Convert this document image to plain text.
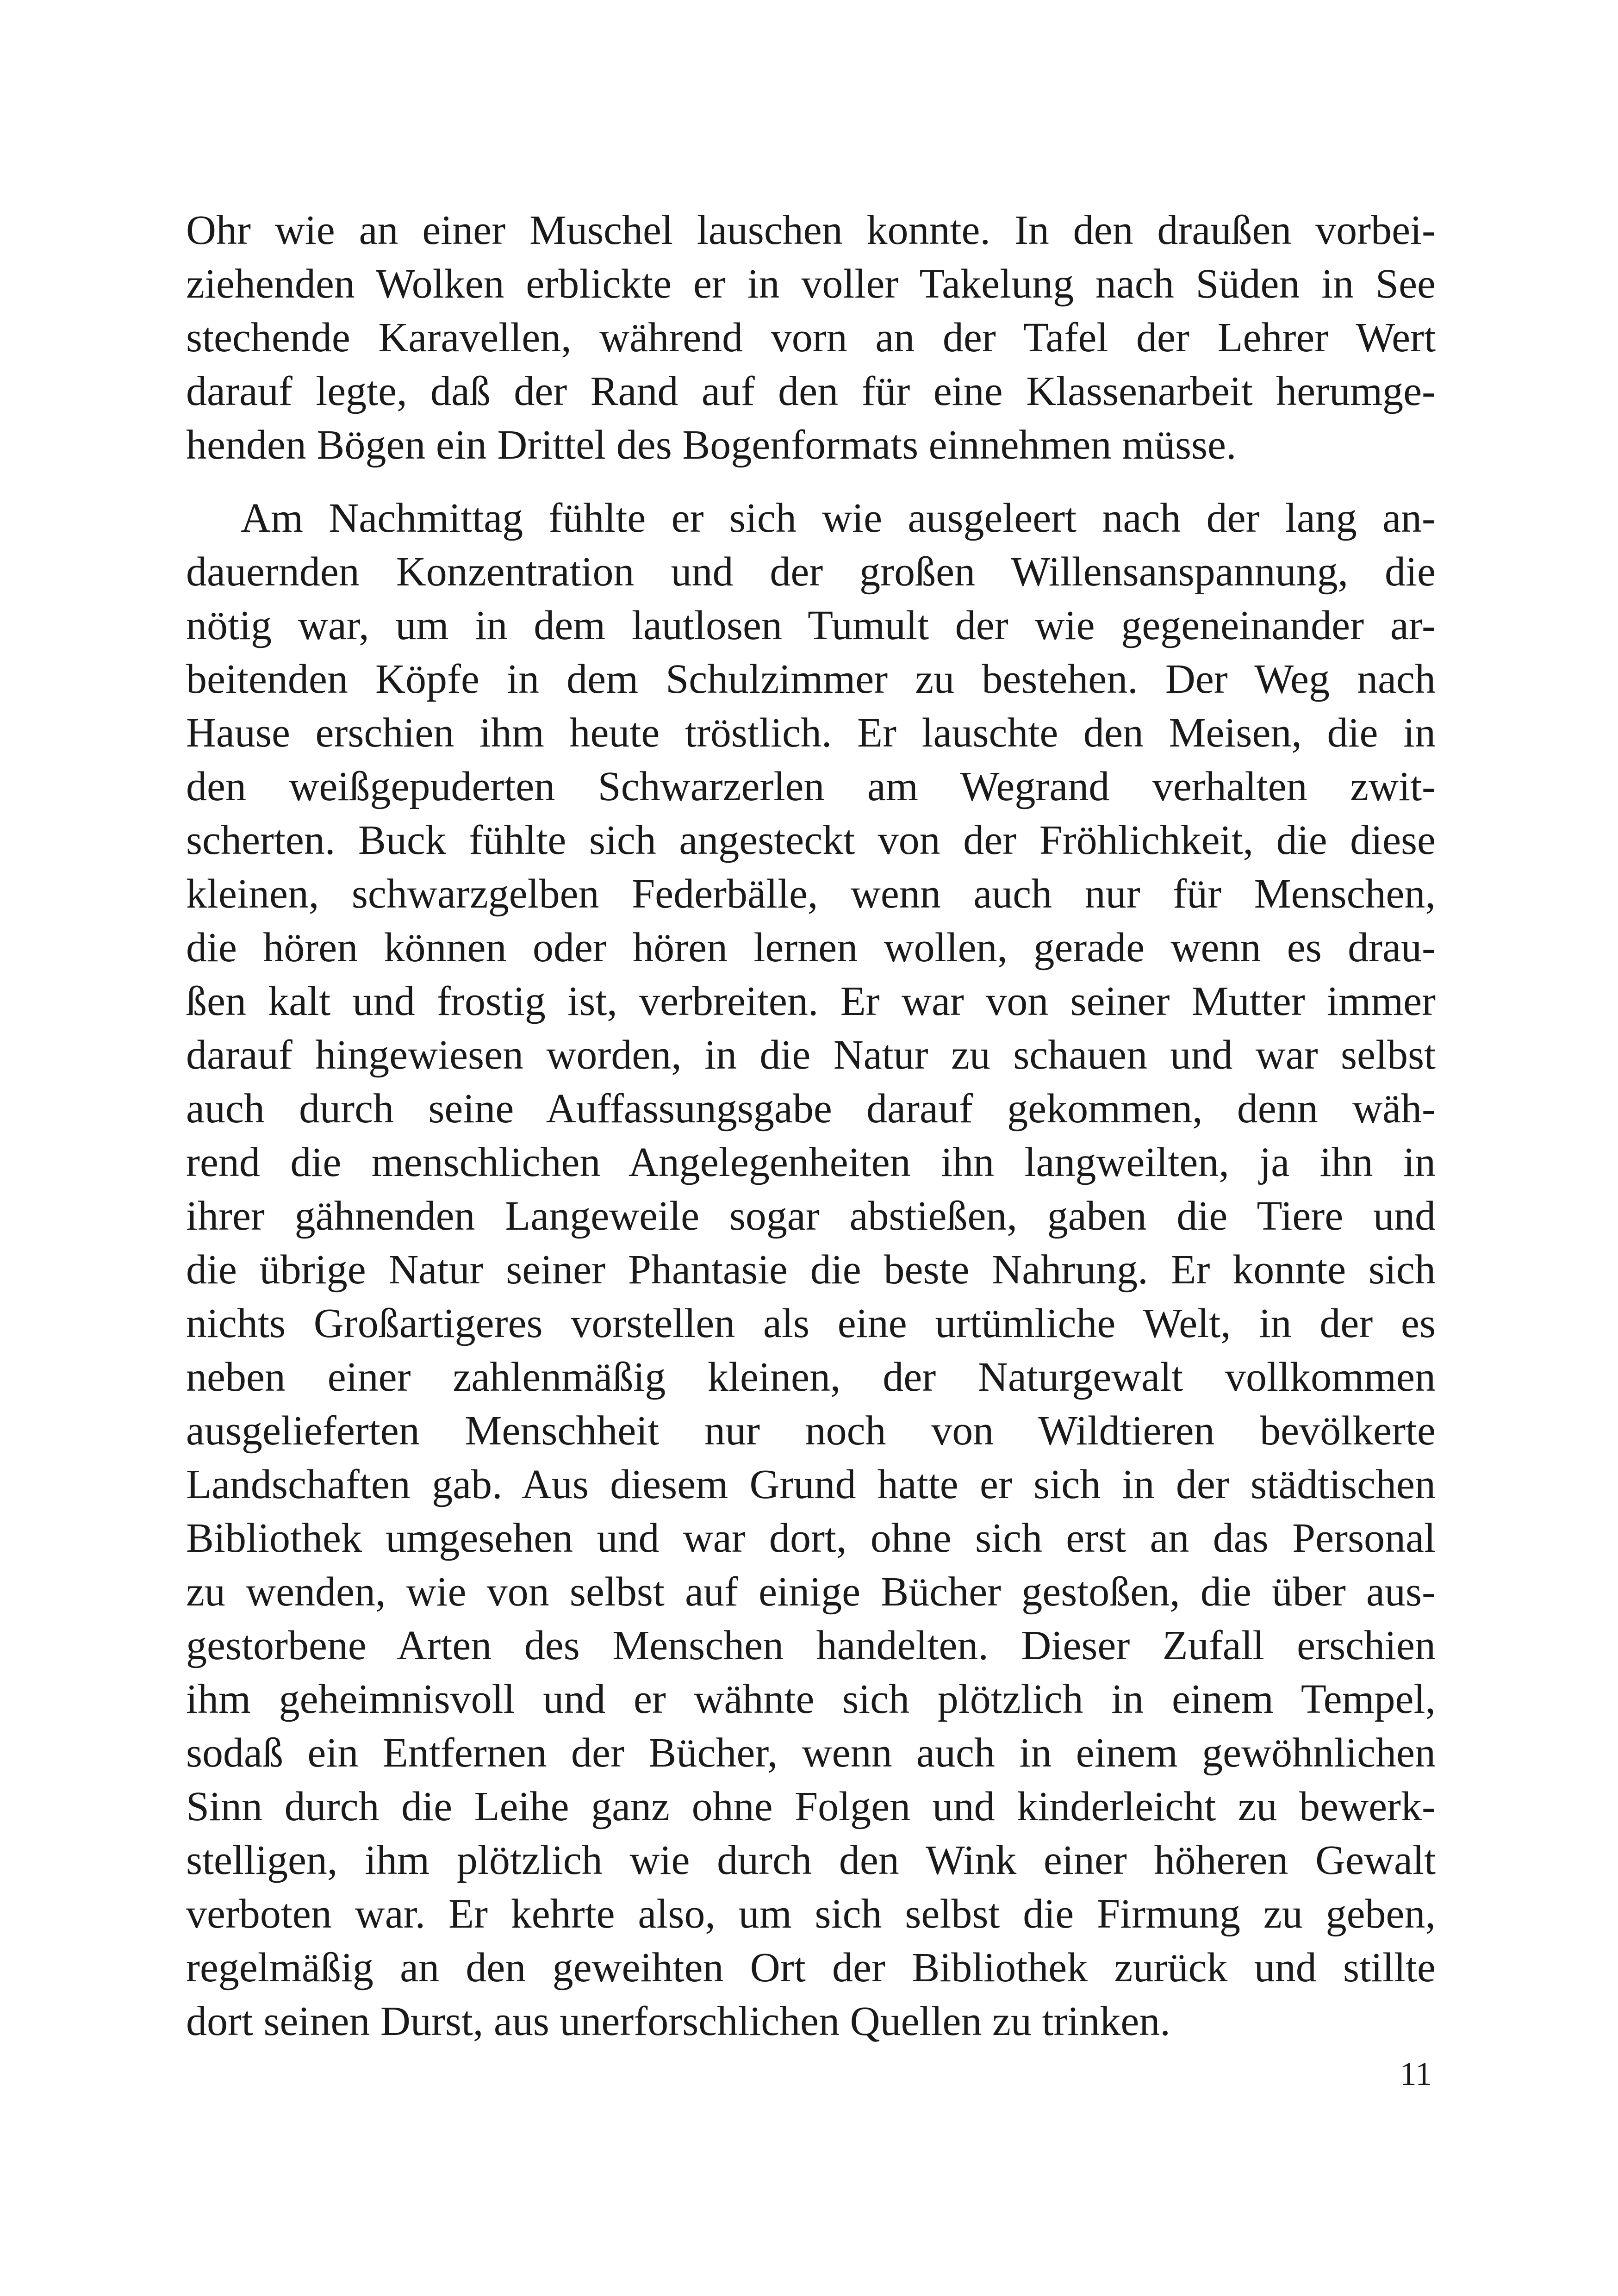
Ohr wie an einer Muschel lauschen konnte. In den draußen vorbei-
ziehenden Wolken erblickte er in voller Takelung nach Süden in See
stechende Karavellen, während vorn an der Tafel der Lehrer Wert
darauf legte, daß der Rand auf den für eine Klassenarbeit herumge-
henden Bögen ein Drittel des Bogenformats einnehmen müsse.
Am Nachmittag fühlte er sich wie ausgeleert nach der lang an-
dauernden Konzentration und der großen Willensanspannung, die
nötig war, um in dem lautlosen Tumult der wie gegeneinander ar-
beitenden Köpfe in dem Schulzimmer zu bestehen. Der Weg nach
Hause erschien ihm heute tröstlich. Er lauschte den Meisen, die in
den weißgepuderten Schwarzerlen am Wegrand verhalten zwit-
scherten. Buck fühlte sich angesteckt von der Fröhlichkeit, die diese
kleinen, schwarzgelben Federbälle, wenn auch nur für Menschen,
die hören können oder hören lernen wollen, gerade wenn es drau-
ßen kalt und frostig ist, verbreiten. Er war von seiner Mutter immer
darauf hingewiesen worden, in die Natur zu schauen und war selbst
auch durch seine Auffassungsgabe darauf gekommen, denn wäh-
rend die menschlichen Angelegenheiten ihn langweilten, ja ihn in
ihrer gähnenden Langeweile sogar abstießen, gaben die Tiere und
die übrige Natur seiner Phantasie die beste Nahrung. Er konnte sich
nichts Großartigeres vorstellen als eine urtümliche Welt, in der es
neben einer zahlenmäßig kleinen, der Naturgewalt vollkommen
ausgelieferten Menschheit nur noch von Wildtieren bevölkerte
Landschaften gab. Aus diesem Grund hatte er sich in der städtischen
Bibliothek umgesehen und war dort, ohne sich erst an das Personal
zu wenden, wie von selbst auf einige Bücher gestoßen, die über aus-
gestorbene Arten des Menschen handelten. Dieser Zufall erschien
ihm geheimnisvoll und er wähnte sich plötzlich in einem Tempel,
sodaß ein Entfernen der Bücher, wenn auch in einem gewöhnlichen
Sinn durch die Leihe ganz ohne Folgen und kinderleicht zu bewerk-
stelligen, ihm plötzlich wie durch den Wink einer höheren Gewalt
verboten war. Er kehrte also, um sich selbst die Firmung zu geben,
regelmäßig an den geweihten Ort der Bibliothek zurück und stillte
dort seinen Durst, aus unerforschlichen Quellen zu trinken.
11
